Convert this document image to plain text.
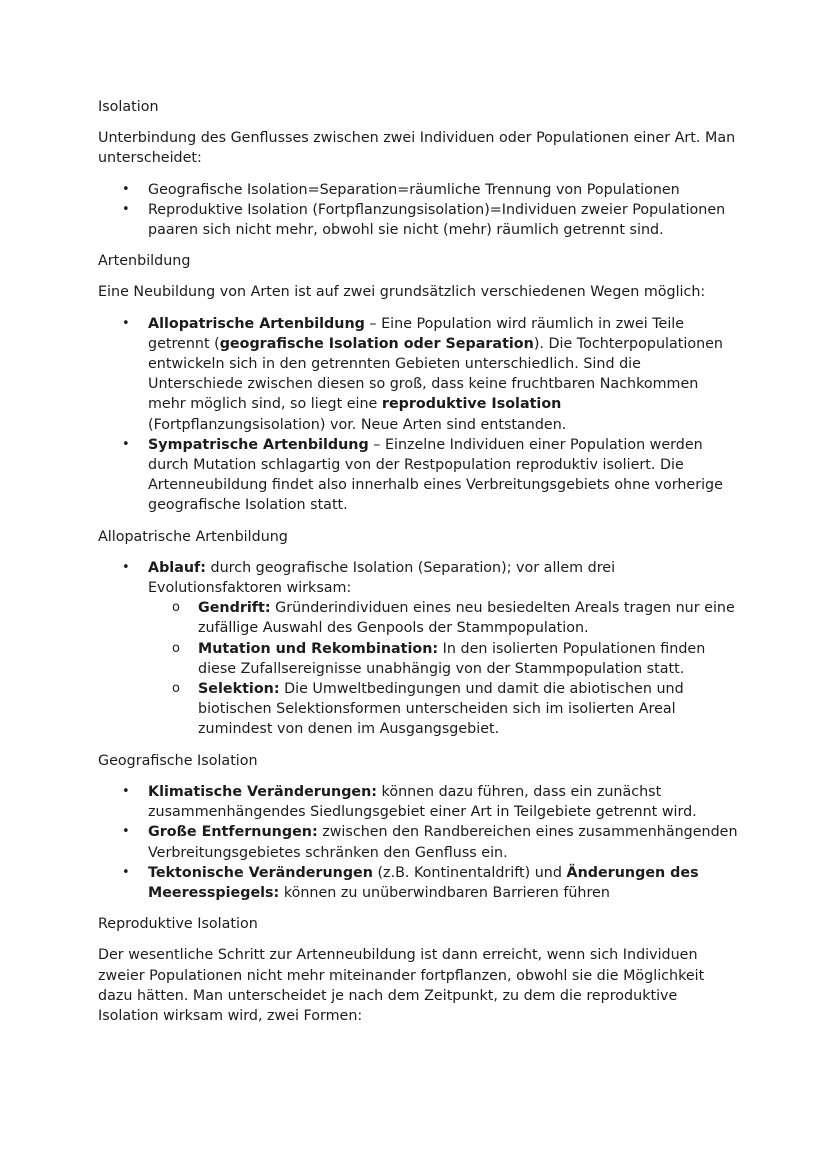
Isolation

Unterbindung des Genflusses zwischen zwei Individuen oder Populationen einer Art. Man unterscheidet:

• Geografische Isolation=Separation=räumliche Trennung von Populationen
• Reproduktive Isolation (Fortpflanzungsisolation)=Individuen zweier Populationen paaren sich nicht mehr, obwohl sie nicht (mehr) räumlich getrennt sind.
Artenbildung

Eine Neubildung von Arten ist auf zwei grundsätzlich verschiedenen Wegen möglich:

• Allopatrische Artenbildung – Eine Population wird räumlich in zwei Teile getrennt (geografische Isolation oder Separation). Die Tochterpopulationen entwickeln sich in den getrennten Gebieten unterschiedlich. Sind die Unterschiede zwischen diesen so groß, dass keine fruchtbaren Nachkommen mehr möglich sind, so liegt eine reproduktive Isolation (Fortpflanzungsisolation) vor. Neue Arten sind entstanden.
• Sympatrische Artenbildung – Einzelne Individuen einer Population werden durch Mutation schlagartig von der Restpopulation reproduktiv isoliert. Die Artenneubildung findet also innerhalb eines Verbreitungsgebiets ohne vorherige geografische Isolation statt.
Allopatrische Artenbildung
• Ablauf: durch geografische Isolation (Separation); vor allem drei Evolutionsfaktoren wirksam:
o Gendrift: Gründerindividuen eines neu besiedelten Areals tragen nur eine zufällige Auswahl des Genpools der Stammpopulation.
o Mutation und Rekombination: In den isolierten Populationen finden diese Zufallsereignisse unabhängig von der Stammpopulation statt.
o Selektion: Die Umweltbedingungen und damit die abiotischen und biotischen Selektionsformen unterscheiden sich im isolierten Areal zumindest von denen im Ausgangsgebiet.
Geografische Isolation
• Klimatische Veränderungen: können dazu führen, dass ein zunächst zusammenhängendes Siedlungsgebiet einer Art in Teilgebiete getrennt wird.
• Große Entfernungen: zwischen den Randbereichen eines zusammenhängenden Verbreitungsgebietes schränken den Genfluss ein.
• Tektonische Veränderungen (z.B. Kontinentaldrift) und Änderungen des Meeresspiegels: können zu unüberwindbaren Barrieren führen
Reproduktive Isolation

Der wesentliche Schritt zur Artenneubildung ist dann erreicht, wenn sich Individuen zweier Populationen nicht mehr miteinander fortpflanzen, obwohl sie die Möglichkeit dazu hätten. Man unterscheidet je nach dem Zeitpunkt, zu dem die reproduktive Isolation wirksam wird, zwei Formen:
